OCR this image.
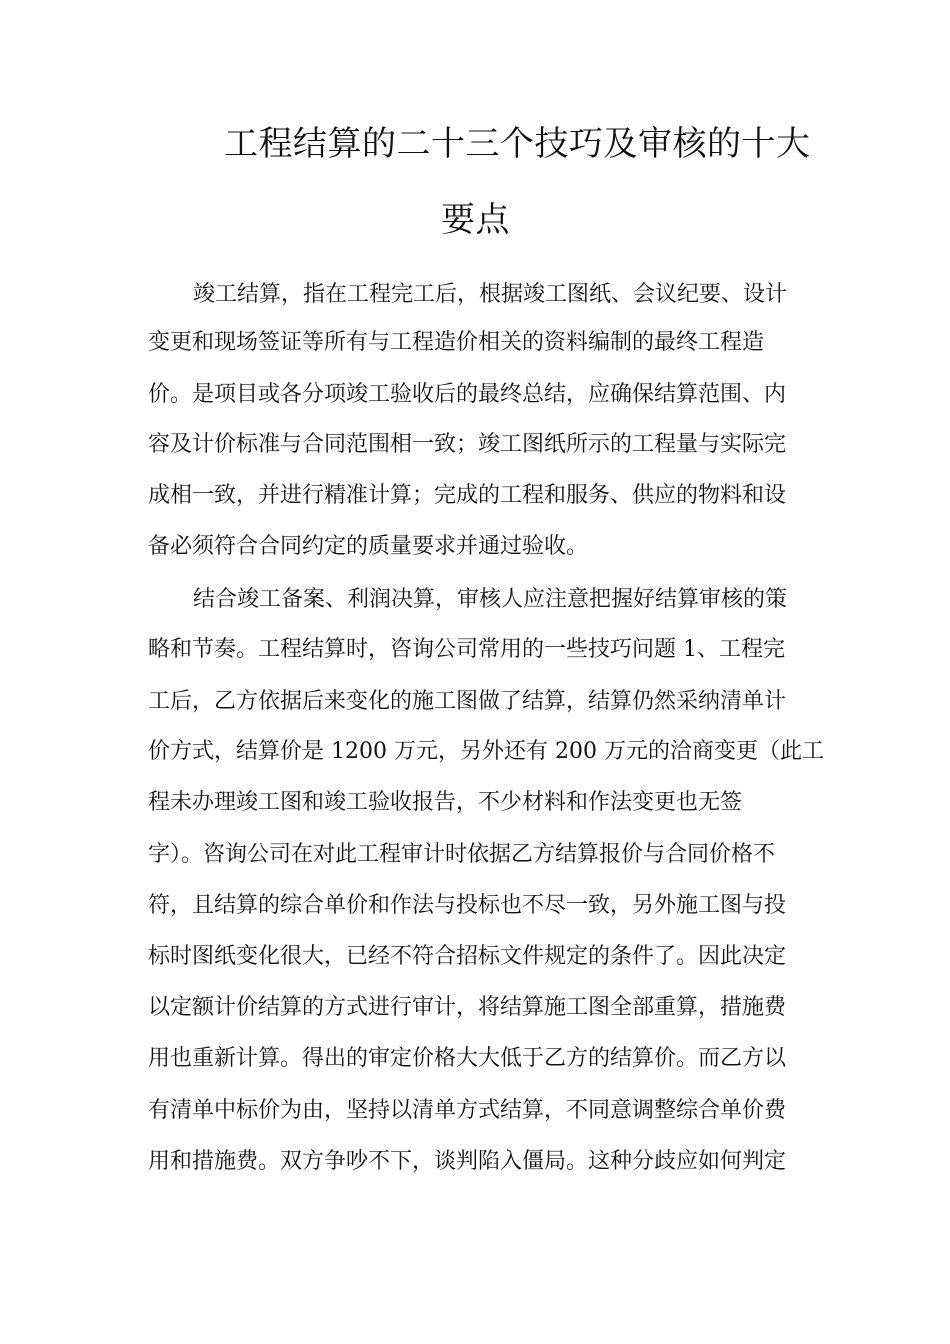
工程结算的二十三个技巧及审核的十大
要点
竣工结算，指在工程完工后，根据竣工图纸、会议纪要、设计
变更和现场签证等所有与工程造价相关的资料编制的最终工程造
价。是项目或各分项竣工验收后的最终总结，应确保结算范围、内
容及计价标准与合同范围相一致；竣工图纸所示的工程量与实际完
成相一致，并进行精准计算；完成的工程和服务、供应的物料和设
备必须符合合同约定的质量要求并通过验收。
结合竣工备案、利润决算，审核人应注意把握好结算审核的策
略和节奏。工程结算时，咨询公司常用的一些技巧问题 1、工程完
工后，乙方依据后来变化的施工图做了结算，结算仍然采纳清单计
价方式，结算价是 1200 万元，另外还有 200 万元的洽商变更（此工
程未办理竣工图和竣工验收报告，不少材料和作法变更也无签
字）。咨询公司在对此工程审计时依据乙方结算报价与合同价格不
符，且结算的综合单价和作法与投标也不尽一致，另外施工图与投
标时图纸变化很大，已经不符合招标文件规定的条件了。因此决定
以定额计价结算的方式进行审计，将结算施工图全部重算，措施费
用也重新计算。得出的审定价格大大低于乙方的结算价。而乙方以
有清单中标价为由，坚持以清单方式结算，不同意调整综合单价费
用和措施费。双方争吵不下，谈判陷入僵局。这种分歧应如何判定
